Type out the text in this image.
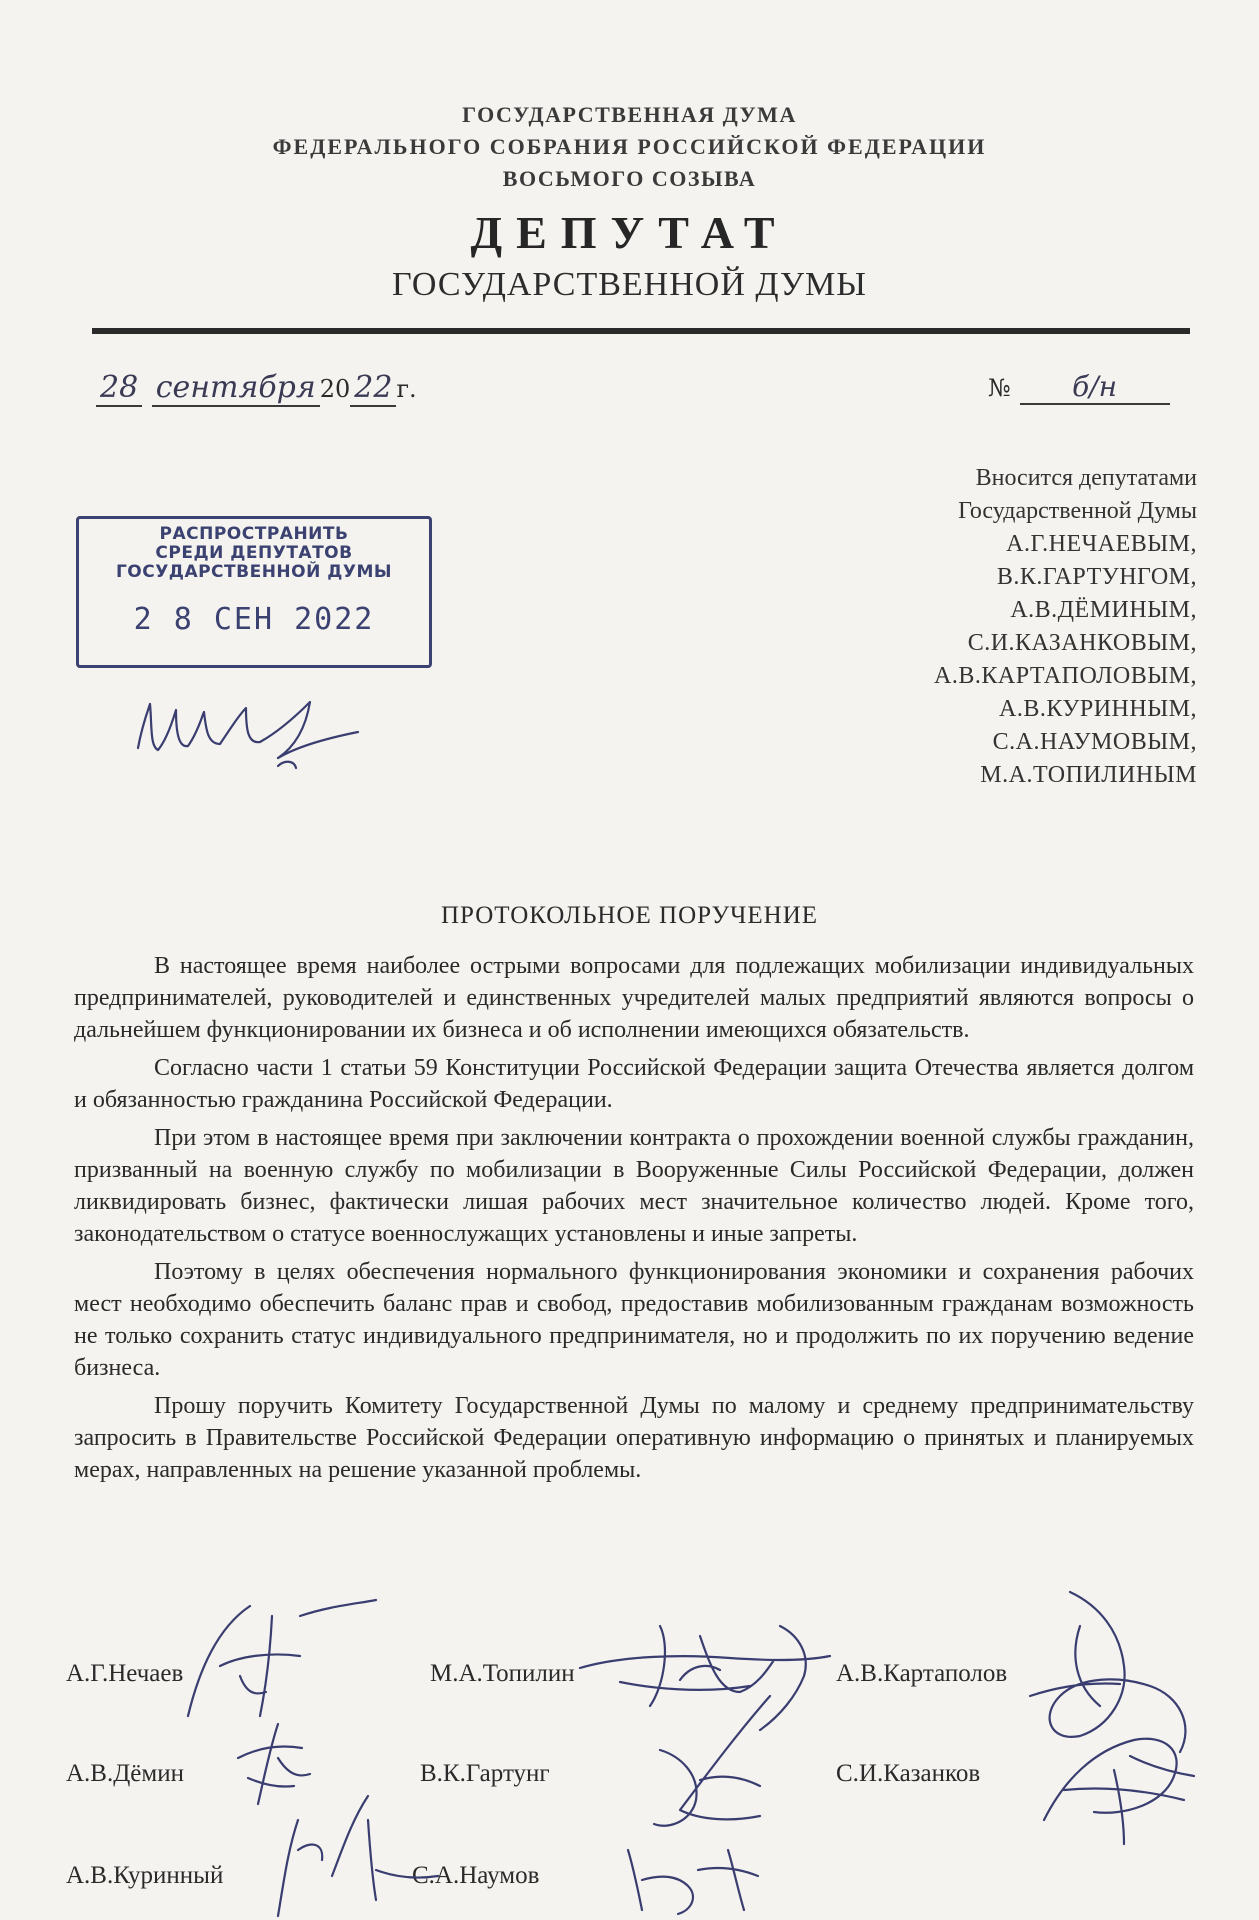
ГОСУДАРСТВЕННАЯ ДУМА
ФЕДЕРАЛЬНОГО СОБРАНИЯ РОССИЙСКОЙ ФЕДЕРАЦИИ
ВОСЬМОГО СОЗЫВА
ДЕПУТАТ
ГОСУДАРСТВЕННОЙ ДУМЫ
28 сентября 20 22 г.	№ б/н
Вносится депутатами
Государственной Думы
А.Г.НЕЧАЕВЫМ,
В.К.ГАРТУНГОМ,
А.В.ДЁМИНЫМ,
С.И.КАЗАНКОВЫМ,
А.В.КАРТАПОЛОВЫМ,
А.В.КУРИННЫМ,
С.А.НАУМОВЫМ,
М.А.ТОПИЛИНЫМ
РАСПРОСТРАНИТЬ
СРЕДИ ДЕПУТАТОВ
ГОСУДАРСТВЕННОЙ ДУМЫ
2 8 СЕН 2022
ПРОТОКОЛЬНОЕ ПОРУЧЕНИЕ

В настоящее время наиболее острыми вопросами для подлежащих мобилизации индивидуальных предпринимателей, руководителей и единственных учредителей малых предприятий являются вопросы о дальнейшем функционировании их бизнеса и об исполнении имеющихся обязательств.

Согласно части 1 статьи 59 Конституции Российской Федерации защита Отечества является долгом и обязанностью гражданина Российской Федерации.

При этом в настоящее время при заключении контракта о прохождении военной службы гражданин, призванный на военную службу по мобилизации в Вооруженные Силы Российской Федерации, должен ликвидировать бизнес, фактически лишая рабочих мест значительное количество людей. Кроме того, законодательством о статусе военнослужащих установлены и иные запреты.

Поэтому в целях обеспечения нормального функционирования экономики и сохранения рабочих мест необходимо обеспечить баланс прав и свобод, предоставив мобилизованным гражданам возможность не только сохранить статус индивидуального предпринимателя, но и продолжить по их поручению ведение бизнеса.

Прошу поручить Комитету Государственной Думы по малому и среднему предпринимательству запросить в Правительстве Российской Федерации оперативную информацию о принятых и планируемых мерах, направленных на решение указанной проблемы.

А.Г.Нечаев	М.А.Топилин	А.В.Картаполов
А.В.Дёмин	В.К.Гартунг	С.И.Казанков
А.В.Куринный	С.А.Наумов
